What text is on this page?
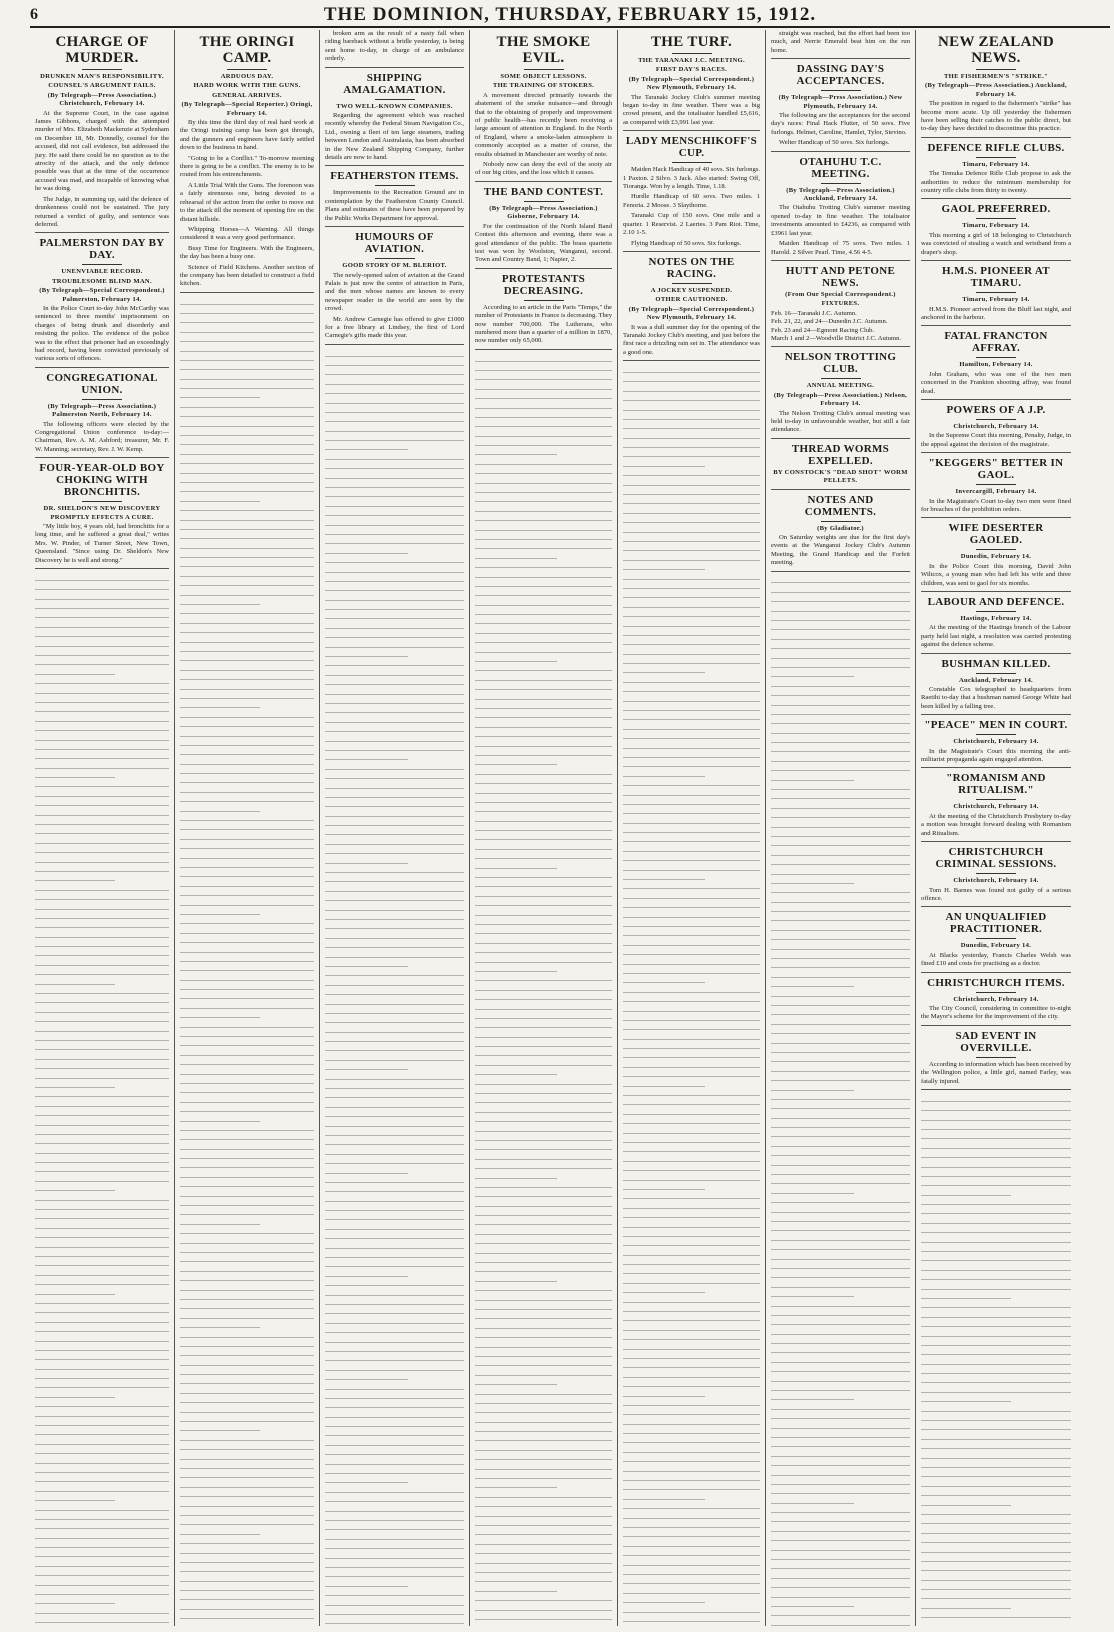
6	THE DOMINION, THURSDAY, FEBRUARY 15, 1912.
CHARGE OF MURDER.
DRUNKEN MAN'S RESPONSIBILITY.
COUNSEL'S ARGUMENT FAILS.
(By Telegraph—Press Association.) Christchurch, February 14.

At the Supreme Court, in the case against James Gibbons, charged with the attempted murder of Mrs. Elizabeth Mackenzie at Sydenham on December 18, Mr. Donnelly, counsel for the accused, did not call evidence, but addressed the jury. He said there could be no question as to the atrocity of the attack, and the only defence possible was that at the time of the occurrence accused was mad, and incapable of knowing what he was doing.

The Judge, in summing up, said the defence of drunkenness could not be sustained. The jury returned a verdict of guilty, and sentence was deferred.

PALMERSTON DAY BY DAY.
UNENVIABLE RECORD.
TROUBLESOME BLIND MAN.
(By Telegraph—Special Correspondent.) Palmerston, February 14.

In the Police Court to-day John McCarthy was sentenced to three months' imprisonment on charges of being drunk and disorderly and resisting the police. The evidence of the police was to the effect that prisoner had an exceedingly bad record, having been convicted previously of various sorts of offences.

CONGREGATIONAL UNION.
(By Telegraph—Press Association.) Palmerston North, February 14.

The following officers were elected by the Congregational Union conference to-day:—Chairman, Rev. A. M. Ashford; treasurer, Mr. F. W. Manning; secretary, Rev. J. W. Kemp.

FOUR-YEAR-OLD BOY CHOKING WITH BRONCHITIS.
DR. SHELDON'S NEW DISCOVERY PROMPTLY EFFECTS A CURE.

"My little boy, 4 years old, had bronchitis for a long time, and he suffered a great deal," writes Mrs. W. Pinder, of Turner Street, New Town, Queensland. "Since using Dr. Sheldon's New Discovery he is well and strong."

THE ORINGI CAMP.
ARDUOUS DAY.
HARD WORK WITH THE GUNS.
GENERAL ARRIVES.
(By Telegraph—Special Reporter.) Oringi, February 14.

By this time the third day of real hard work at the Oringi training camp has been got through, and the gunners and engineers have fairly settled down to the business in hand.

"Going to be a Conflict." To-morrow morning there is going to be a conflict. The enemy is to be routed from his entrenchments.

A Little Trial With the Guns. The forenoon was a fairly strenuous one, being devoted to a rehearsal of the action from the order to move out to the attack till the moment of opening fire on the distant hillside.

Whipping Horses—A Warning. All things considered it was a very good performance.

Busy Time for Engineers. With the Engineers, the day has been a busy one.

Science of Field Kitchens. Another section of the company has been detailed to construct a field kitchen.

broken arm as the result of a nasty fall when riding bareback without a bridle yesterday, is being sent home to-day, in charge of an ambulance orderly.

SHIPPING AMALGAMATION.
TWO WELL-KNOWN COMPANIES.

Regarding the agreement which was reached recently whereby the Federal Steam Navigation Co., Ltd., owning a fleet of ten large steamers, trading between London and Australasia, has been absorbed in the New Zealand Shipping Company, further details are now to hand.

FEATHERSTON ITEMS.

Improvements to the Recreation Ground are in contemplation by the Featherston County Council. Plans and estimates of these have been prepared by the Public Works Department for approval.

HUMOURS OF AVIATION.
GOOD STORY OF M. BLERIOT.

The newly-opened salon of aviation at the Grand Palais is just now the centre of attraction in Paris, and the men whose names are known to every newspaper reader in the world are seen by the crowd.

Mr. Andrew Carnegie has offered to give £1000 for a free library at Lindsey, the first of Lord Carnegie's gifts made this year.

THE SMOKE EVIL.
SOME OBJECT LESSONS.
THE TRAINING OF STOKERS.

A movement directed primarily towards the abatement of the smoke nuisance—and through that to the obtaining of properly and improvement of public health—has recently been receiving a large amount of attention in England. In the North of England, where a smoke-laden atmosphere is commonly accepted as a matter of course, the results obtained in Manchester are worthy of note.

Nobody now can deny the evil of the sooty air of our big cities, and the loss which it causes.

THE BAND CONTEST.
(By Telegraph—Press Association.) Gisborne, February 14.

For the continuation of the North Island Band Contest this afternoon and evening, there was a good attendance of the public. The brass quartette test was won by Woolston, Wanganui, second. Town and Country Band, 1; Napier, 2.

PROTESTANTS DECREASING.

According to an article in the Paris "Temps," the number of Protestants in France is decreasing. They now number 700,000. The Lutherans, who numbered more than a quarter of a million in 1870, now number only 65,000.

THE TURF.
THE TARANAKI J.C. MEETING.
FIRST DAY'S RACES.
(By Telegraph—Special Correspondent.) New Plymouth, February 14.

The Taranaki Jockey Club's summer meeting began to-day in fine weather. There was a big crowd present, and the totalisator handled £5,616, as compared with £3,991 last year.

LADY MENSCHIKOFF'S CUP.

Maiden Hack Handicap of 40 sovs. Six furlongs. 1 Paxton. 2 Silvo. 3 Jack. Also started: Swing Off, Tioranga. Won by a length. Time, 1.18.

Hurdle Handicap of 60 sovs. Two miles. 1 Fenoria. 2 Moose. 3 Slaythorne.

Taranaki Cup of 150 sovs. One mile and a quarter. 1 Reservist. 2 Laertes. 3 Pam Riot. Time, 2.10 1-5.

Flying Handicap of 50 sovs. Six furlongs.

NOTES ON THE RACING.
A JOCKEY SUSPENDED.
OTHER CAUTIONED.
(By Telegraph—Special Correspondent.) New Plymouth, February 14.

It was a dull summer day for the opening of the Taranaki Jockey Club's meeting, and just before the first race a drizzling rain set in. The attendance was a good one.

straight was reached, but the effort had been too much, and Nerrie Emerald beat him on the run home.

DASSING DAY'S ACCEPTANCES.
(By Telegraph—Press Association.) New Plymouth, February 14.

The following are the acceptances for the second day's races: Final Hack Flutter, of 50 sovs. Five furlongs. Helmet, Caroline, Hamlet, Tylor, Stevino.

Welter Handicap of 50 sovs. Six furlongs.

OTAHUHU T.C. MEETING.
(By Telegraph—Press Association.) Auckland, February 14.

The Otahuhu Trotting Club's summer meeting opened to-day in fine weather. The totalisator investments amounted to £4236, as compared with £3961 last year.

Maiden Handicap of 75 sovs. Two miles. 1 Harold. 2 Silver Pearl. Time, 4.56 4-5.

HUTT AND PETONE NEWS.
(From Our Special Correspondent.)
FIXTURES.
Feb. 16—Taranaki J.C. Autumn.
Feb. 21, 22, and 24—Dunedin J.C. Autumn.
Feb. 23 and 24—Egmont Racing Club.
March 1 and 2—Woodville District J.C. Autumn.
NELSON TROTTING CLUB.
ANNUAL MEETING.
(By Telegraph—Press Association.) Nelson, February 14.

The Nelson Trotting Club's annual meeting was held to-day in unfavourable weather, but still a fair attendance.

THREAD WORMS EXPELLED.
BY CONSTOCK'S "DEAD SHOT" WORM PELLETS.
NOTES AND COMMENTS.
(By Gladiator.)

On Saturday weights are due for the first day's events at the Wanganui Jockey Club's Autumn Meeting, the Grand Handicap and the Forfeit meeting.

NEW ZEALAND NEWS.
THE FISHERMEN'S "STRIKE."
(By Telegraph—Press Association.) Auckland, February 14.

The position in regard to the fishermen's "strike" has become more acute. Up till yesterday the fishermen have been selling their catches to the public direct, but to-day they have decided to discontinue this practice.

DEFENCE RIFLE CLUBS.
Timaru, February 14.

The Temuka Defence Rifle Club propose to ask the authorities to reduce the minimum membership for country rifle clubs from thirty to twenty.

GAOL PREFERRED.
Timaru, February 14.

This morning a girl of 18 belonging to Christchurch was convicted of stealing a watch and wristband from a draper's shop.

H.M.S. PIONEER AT TIMARU.
Timaru, February 14.

H.M.S. Pioneer arrived from the Bluff last night, and anchored in the harbour.

FATAL FRANCTON AFFRAY.
Hamilton, February 14.

John Graham, who was one of the two men concerned in the Frankton shooting affray, was found dead.

POWERS OF A J.P.
Christchurch, February 14.

In the Supreme Court this morning, Penalty, Judge, in the appeal against the decision of the magistrate.

"KEGGERS" BETTER IN GAOL.
Invercargill, February 14.

In the Magistrate's Court to-day two men were fined for breaches of the prohibition orders.

WIFE DESERTER GAOLED.
Dunedin, February 14.

In the Police Court this morning, David John Wiltcox, a young man who had left his wife and three children, was sent to gaol for six months.

LABOUR AND DEFENCE.
Hastings, February 14.

At the meeting of the Hastings branch of the Labour party held last night, a resolution was carried protesting against the defence scheme.

BUSHMAN KILLED.
Auckland, February 14.

Constable Cox telegraphed to headquarters from Raetihi to-day that a bushman named George White had been killed by a falling tree.

"PEACE" MEN IN COURT.
Christchurch, February 14.

In the Magistrate's Court this morning the anti-militarist propaganda again engaged attention.

"ROMANISM AND RITUALISM."
Christchurch, February 14.

At the meeting of the Christchurch Presbytery to-day a motion was brought forward dealing with Romanism and Ritualism.

CHRISTCHURCH CRIMINAL SESSIONS.
Christchurch, February 14.

Tom H. Barnes was found not guilty of a serious offence.

AN UNQUALIFIED PRACTITIONER.
Dunedin, February 14.

At Blacks yesterday, Francis Charles Welsh was fined £10 and costs for practising as a doctor.

CHRISTCHURCH ITEMS.
Christchurch, February 14.

The City Council, considering in committee to-night the Mayor's scheme for the improvement of the city.

SAD EVENT IN OVERVILLE.

According to information which has been received by the Wellington police, a little girl, named Farley, was fatally injured.
